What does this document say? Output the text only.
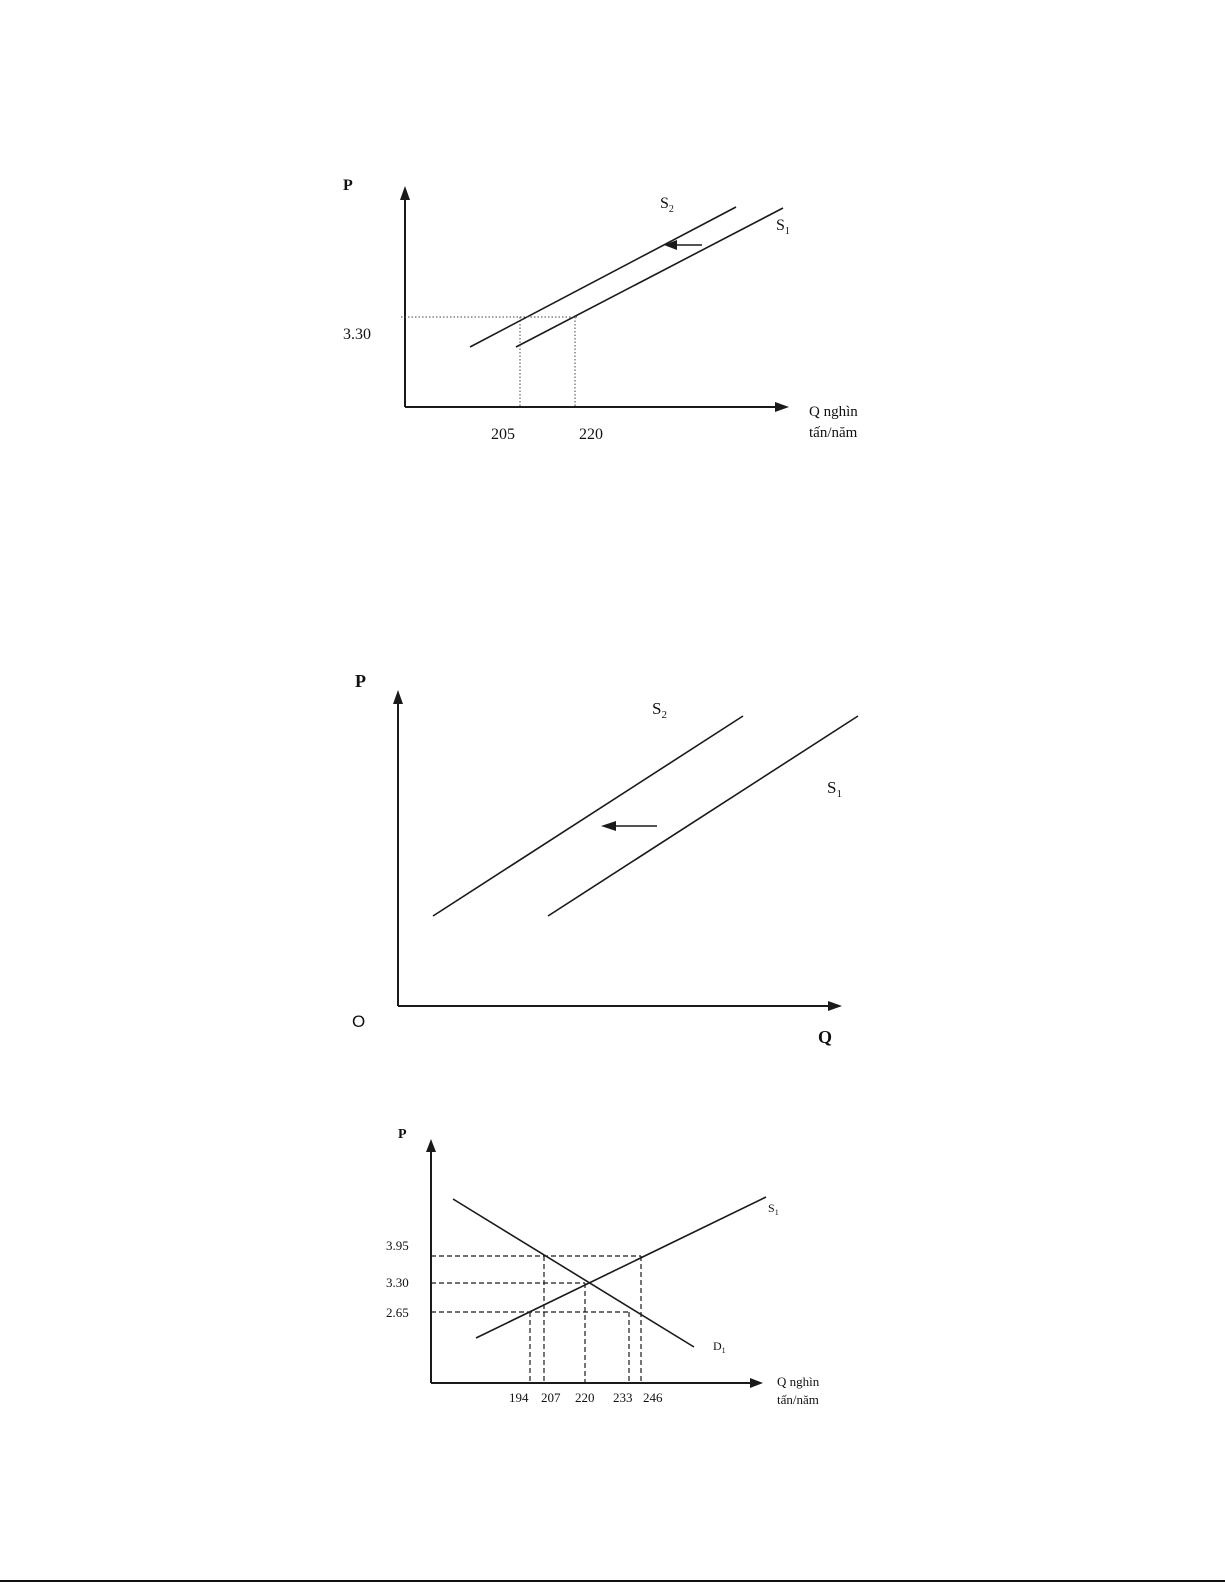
P
3.30
205	220
Q nghìn
tấn/năm
$S_2$
$S_1$
P
O
Q
$S_2$
$S_1$
P
3.95
3.30
2.65
194 207 220 233 246
Q nghìn
tấn/năm
$S_1$
$D_1$
